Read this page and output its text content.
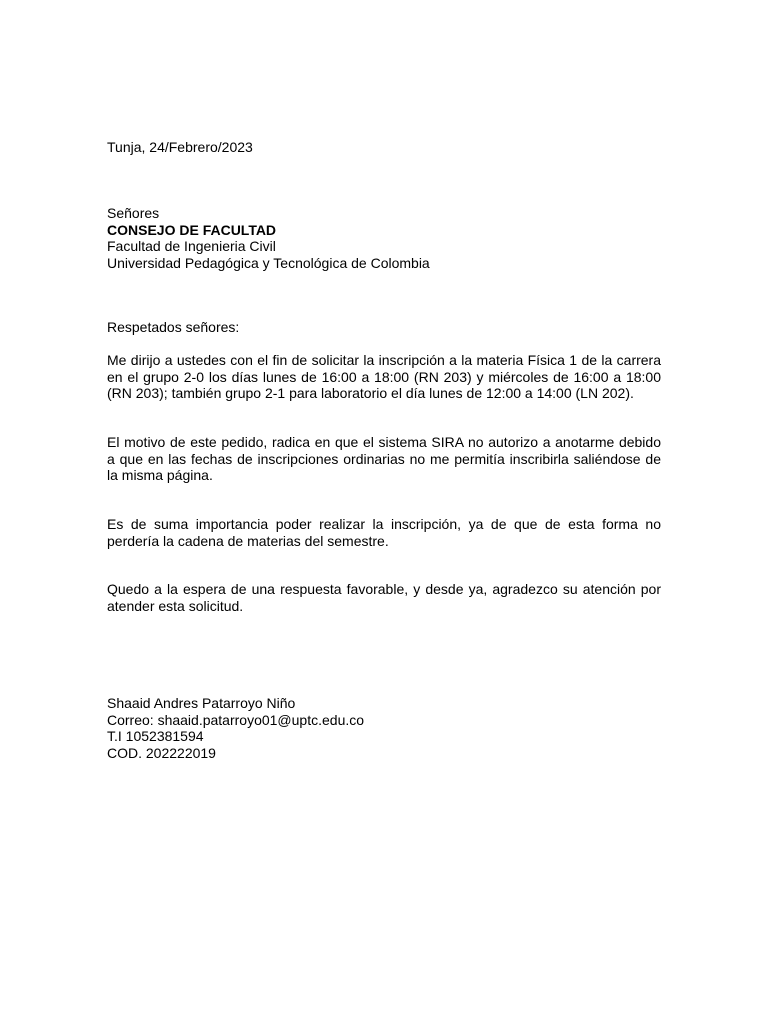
Tunja, 24/Febrero/2023
Señores
CONSEJO DE FACULTAD
Facultad de Ingenieria Civil
Universidad Pedagógica y Tecnológica de Colombia
Respetados señores:
Me dirijo a ustedes con el fin de solicitar la inscripción a la materia Física 1 de la carrera en el grupo 2-0 los días lunes de 16:00 a 18:00 (RN 203) y miércoles de 16:00 a 18:00 (RN 203); también grupo 2-1 para laboratorio el día lunes de 12:00 a 14:00 (LN 202).
El motivo de este pedido, radica en que el sistema SIRA no autorizo a anotarme debido a que en las fechas de inscripciones ordinarias no me permitía inscribirla saliéndose de la misma página.
Es de suma importancia poder realizar la inscripción, ya de que de esta forma no perdería la cadena de materias del semestre.
Quedo a la espera de una respuesta favorable, y desde ya, agradezco su atención por atender esta solicitud.
Shaaid Andres Patarroyo Niño
Correo: shaaid.patarroyo01@uptc.edu.co
T.I 1052381594
COD. 202222019
